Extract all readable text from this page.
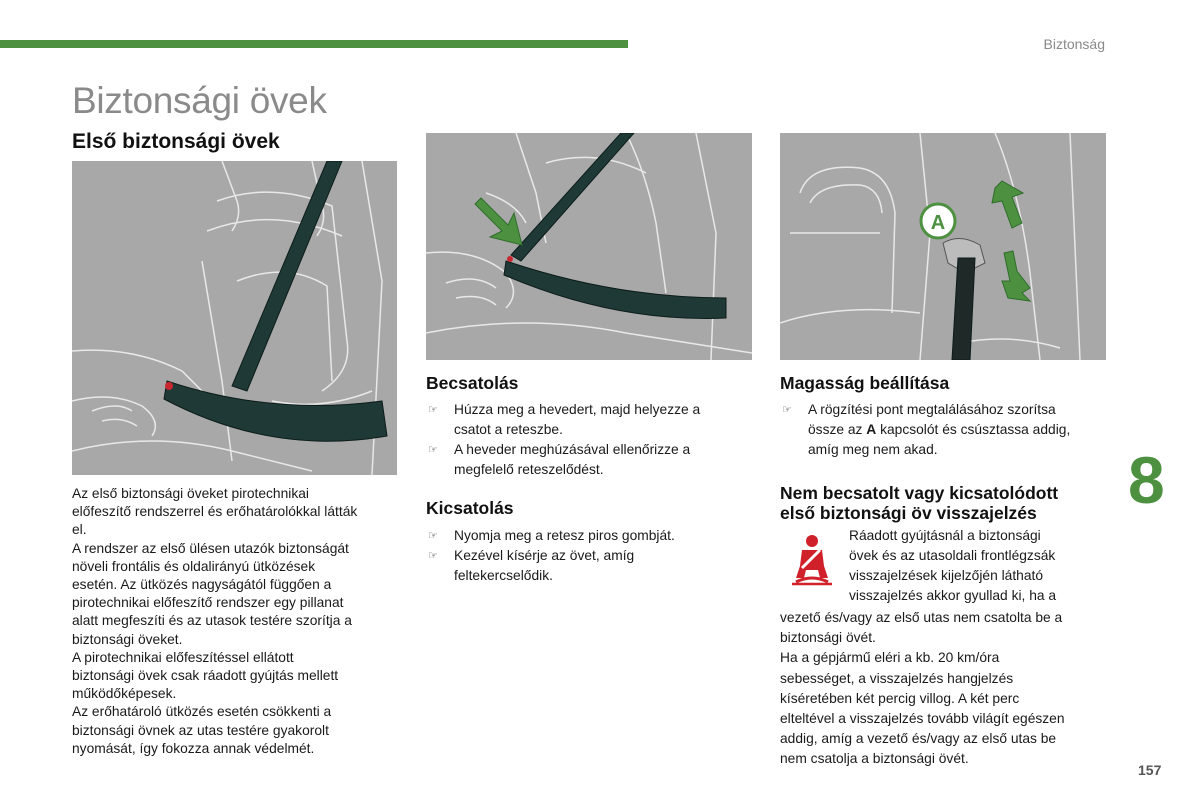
Biztonság
Biztonsági övek
Első biztonsági övek
A
Az első biztonsági öveket pirotechnikai
előfeszítő rendszerrel és erőhatárolókkal látták
el.
A rendszer az első ülésen utazók biztonságát
növeli frontális és oldalirányú ütközések
esetén. Az ütközés nagyságától függően a
pirotechnikai előfeszítő rendszer egy pillanat
alatt megfeszíti és az utasok testére szorítja a
biztonsági öveket.
A pirotechnikai előfeszítéssel ellátott
biztonsági övek csak ráadott gyújtás mellett
működőképesek.
Az erőhatároló ütközés esetén csökkenti a
biztonsági övnek az utas testére gyakorolt
nyomását, így fokozza annak védelmét.
Becsatolás
☞ Húzza meg a hevedert, majd helyezze a
csatot a reteszbe.
☞ A heveder meghúzásával ellenőrizze a
megfelelő reteszelődést.
Kicsatolás
☞ Nyomja meg a retesz piros gombját.
☞ Kezével kísérje az övet, amíg
feltekercselődik.
Magasság beállítása
☞ A rögzítési pont megtalálásához szorítsa
össze az A kapcsolót és csúsztassa addig,
amíg meg nem akad.
Nem becsatolt vagy kicsatolódott
első biztonsági öv visszajelzés
Ráadott gyújtásnál a biztonsági
övek és az utasoldali frontlégzsák
visszajelzések kijelzőjén látható
visszajelzés akkor gyullad ki, ha a
vezető és/vagy az első utas nem csatolta be a
biztonsági övét.
Ha a gépjármű eléri a kb. 20 km/óra
sebességet, a visszajelzés hangjelzés
kíséretében két percig villog. A két perc
elteltével a visszajelzés tovább világít egészen
addig, amíg a vezető és/vagy az első utas be
nem csatolja a biztonsági övét.
8
157
